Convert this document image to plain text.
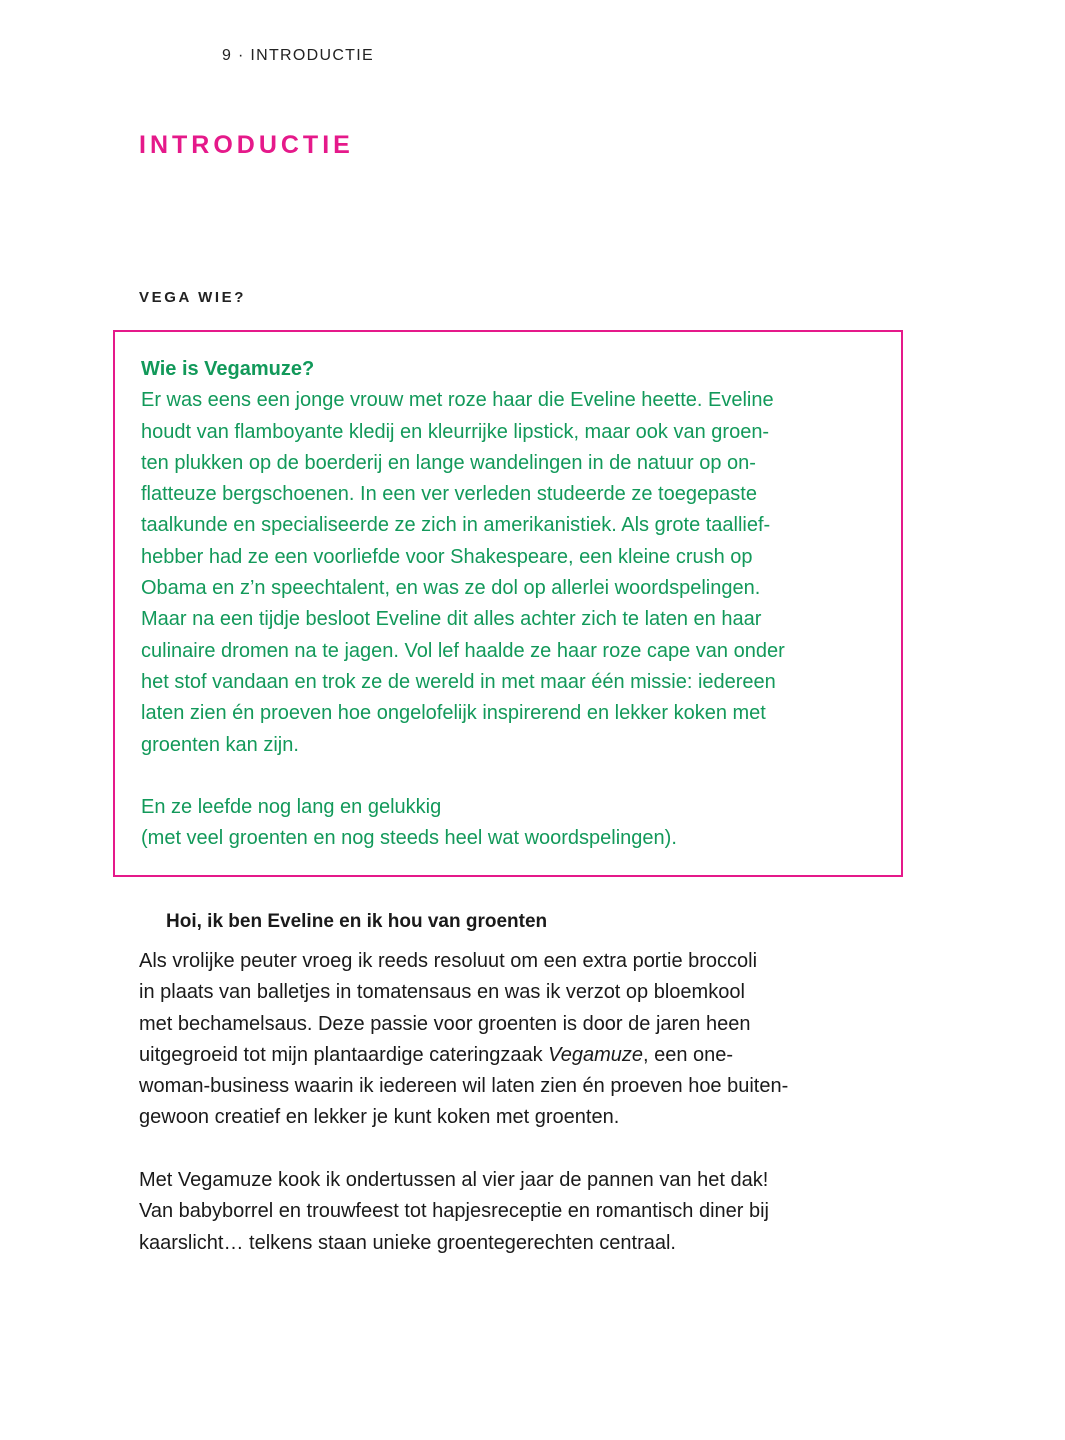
9 · INTRODUCTIE
INTRODUCTIE
VEGA WIE?

Wie is Vegamuze?

Er was eens een jonge vrouw met roze haar die Eveline heette. Eveline
houdt van flamboyante kledij en kleurrijke lipstick, maar ook van groen-
ten plukken op de boerderij en lange wandelingen in de natuur op on-
flatteuze bergschoenen. In een ver verleden studeerde ze toegepaste
taalkunde en specialiseerde ze zich in amerikanistiek. Als grote taallief-
hebber had ze een voorliefde voor Shakespeare, een kleine crush op
Obama en z’n speechtalent, en was ze dol op allerlei woordspelingen.
Maar na een tijdje besloot Eveline dit alles achter zich te laten en haar
culinaire dromen na te jagen. Vol lef haalde ze haar roze cape van onder
het stof vandaan en trok ze de wereld in met maar één missie: iedereen
laten zien én proeven hoe ongelofelijk inspirerend en lekker koken met
groenten kan zijn.

En ze leefde nog lang en gelukkig
(met veel groenten en nog steeds heel wat woordspelingen).

Hoi, ik ben Eveline en ik hou van groenten

Als vrolijke peuter vroeg ik reeds resoluut om een extra portie broccoli
in plaats van balletjes in tomatensaus en was ik verzot op bloemkool
met bechamelsaus. Deze passie voor groenten is door de jaren heen
uitgegroeid tot mijn plantaardige cateringzaak Vegamuze, een one-
woman-business waarin ik iedereen wil laten zien én proeven hoe buiten-
gewoon creatief en lekker je kunt koken met groenten.

Met Vegamuze kook ik ondertussen al vier jaar de pannen van het dak!
Van babyborrel en trouwfeest tot hapjesreceptie en romantisch diner bij
kaarslicht… telkens staan unieke groentegerechten centraal.
